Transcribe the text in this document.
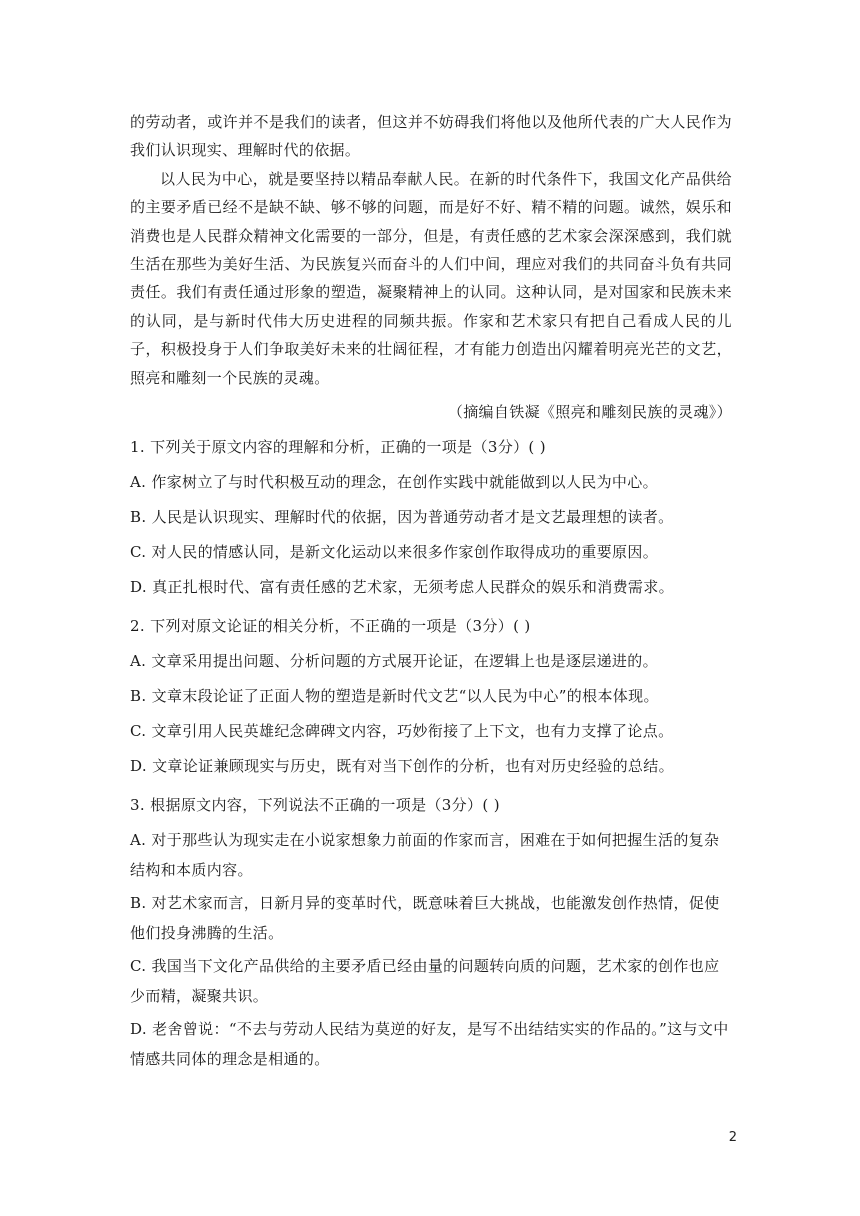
的劳动者，或许并不是我们的读者，但这并不妨碍我们将他以及他所代表的广大人民作为我们认识现实、理解时代的依据。

以人民为中心，就是要坚持以精品奉献人民。在新的时代条件下，我国文化产品供给的主要矛盾已经不是缺不缺、够不够的问题，而是好不好、精不精的问题。诚然，娱乐和消费也是人民群众精神文化需要的一部分，但是，有责任感的艺术家会深深感到，我们就生活在那些为美好生活、为民族复兴而奋斗的人们中间，理应对我们的共同奋斗负有共同责任。我们有责任通过形象的塑造，凝聚精神上的认同。这种认同，是对国家和民族未来的认同，是与新时代伟大历史进程的同频共振。作家和艺术家只有把自己看成人民的儿子，积极投身于人们争取美好未来的壮阔征程，才有能力创造出闪耀着明亮光芒的文艺，照亮和雕刻一个民族的灵魂。

（摘编自铁凝《照亮和雕刻民族的灵魂》）

1. 下列关于原文内容的理解和分析，正确的一项是（3分）( )

A. 作家树立了与时代积极互动的理念，在创作实践中就能做到以人民为中心。

B. 人民是认识现实、理解时代的依据，因为普通劳动者才是文艺最理想的读者。

C. 对人民的情感认同，是新文化运动以来很多作家创作取得成功的重要原因。

D. 真正扎根时代、富有责任感的艺术家，无须考虑人民群众的娱乐和消费需求。

2. 下列对原文论证的相关分析，不正确的一项是（3分）( )

A. 文章采用提出问题、分析问题的方式展开论证，在逻辑上也是逐层递进的。

B. 文章末段论证了正面人物的塑造是新时代文艺“以人民为中心”的根本体现。

C. 文章引用人民英雄纪念碑碑文内容，巧妙衔接了上下文，也有力支撑了论点。

D. 文章论证兼顾现实与历史，既有对当下创作的分析，也有对历史经验的总结。

3. 根据原文内容，下列说法不正确的一项是（3分）( )

A. 对于那些认为现实走在小说家想象力前面的作家而言，困难在于如何把握生活的复杂结构和本质内容。

B. 对艺术家而言，日新月异的变革时代，既意味着巨大挑战，也能激发创作热情，促使他们投身沸腾的生活。

C. 我国当下文化产品供给的主要矛盾已经由量的问题转向质的问题，艺术家的创作也应少而精，凝聚共识。

D. 老舍曾说：“不去与劳动人民结为莫逆的好友，是写不出结结实实的作品的。”这与文中情感共同体的理念是相通的。

2
